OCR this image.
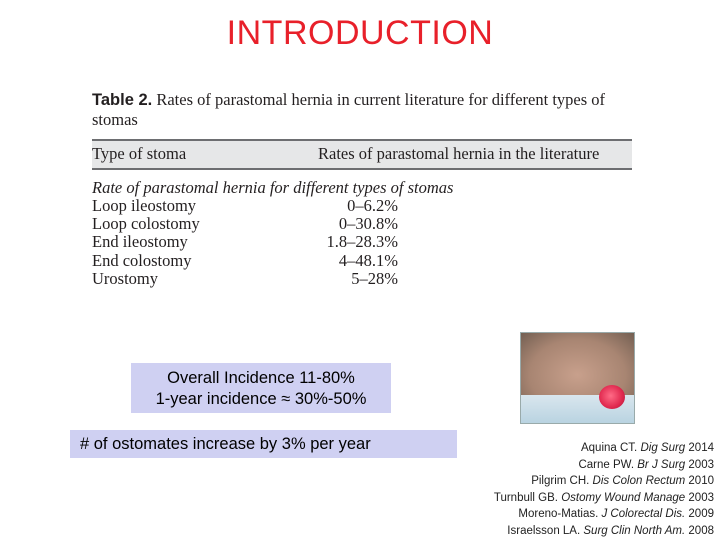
INTRODUCTION
Table 2. Rates of parastomal hernia in current literature for different types of stomas
Type of stoma	Rates of parastomal hernia in the literature
Rate of parastomal hernia for different types of stomas
Loop ileostomy	0–6.2%
Loop colostomy	0–30.8%
End ileostomy	1.8–28.3%
End colostomy	4–48.1%
Urostomy	5–28%
Overall Incidence 11-80%
1-year incidence ≈ 30%-50%
# of ostomates increase by 3% per year	Aquina CT. Dig Surg 2014
Carne PW. Br J Surg 2003
Pilgrim CH. Dis Colon Rectum 2010
Turnbull GB. Ostomy Wound Manage 2003
Moreno-Matias. J Colorectal Dis. 2009
Israelsson LA. Surg Clin North Am. 2008
